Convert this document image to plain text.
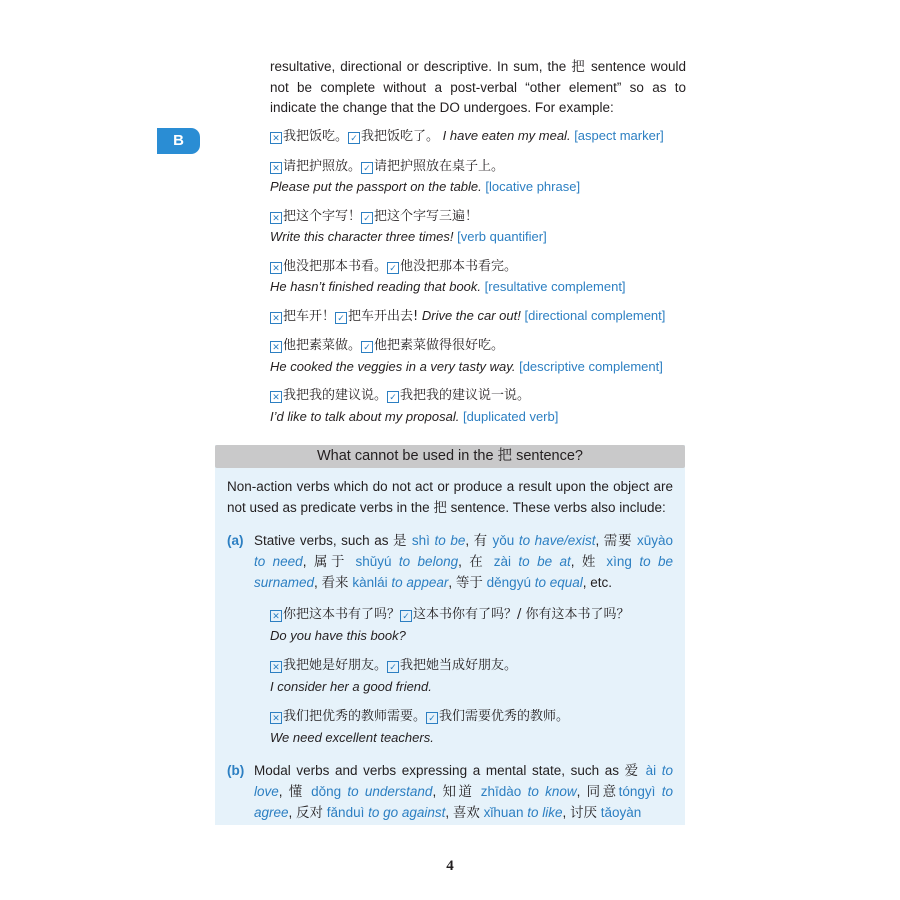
resultative, directional or descriptive. In sum, the 把 sentence would not be complete without a post-verbal “other element” so as to indicate the change that the DO undergoes. For example:

B	✕ 我把饭吃。 ✓ 我把饭吃了。 I have eaten my meal. [aspect marker]
✕ 请把护照放。 ✓ 请把护照放在桌子上。
Please put the passport on the table. [locative phrase]
✕ 把这个字写！ ✓ 把这个字写三遍！
Write this character three times! [verb quantifier]
✕ 他没把那本书看。 ✓ 他没把那本书看完。
He hasn’t finished reading that book. [resultative complement]
✕ 把车开！ ✓ 把车开出去! Drive the car out! [directional complement]
✕ 他把素菜做。 ✓ 他把素菜做得很好吃。
He cooked the veggies in a very tasty way. [descriptive complement]
✕ 我把我的建议说。 ✓ 我把我的建议说一说。
I’d like to talk about my proposal. [duplicated verb]
What cannot be used in the 把 sentence?
Non-action verbs which do not act or produce a result upon the object are not used as predicate verbs in the 把 sentence. These verbs also include:
(a) Stative verbs, such as 是 shì to be, 有 yǒu to have/exist, 需要 xūyào to need, 属于 shǔyú to belong, 在 zài to be at, 姓 xìng to be surnamed, 看来 kànlái to appear, 等于 děngyú to equal, etc.
✕ 你把这本书有了吗？ ✓ 这本书你有了吗？/ 你有这本书了吗？
Do you have this book?
✕ 我把她是好朋友。 ✓ 我把她当成好朋友。
I consider her a good friend.
✕ 我们把优秀的教师需要。 ✓ 我们需要优秀的教师。
We need excellent teachers.
(b) Modal verbs and verbs expressing a mental state, such as 爱 ài to love, 懂 dǒng to understand, 知道 zhīdào to know, 同意tóngyì to agree, 反对 fǎnduì to go against, 喜欢 xǐhuan to like, 讨厌 tǎoyàn
4
